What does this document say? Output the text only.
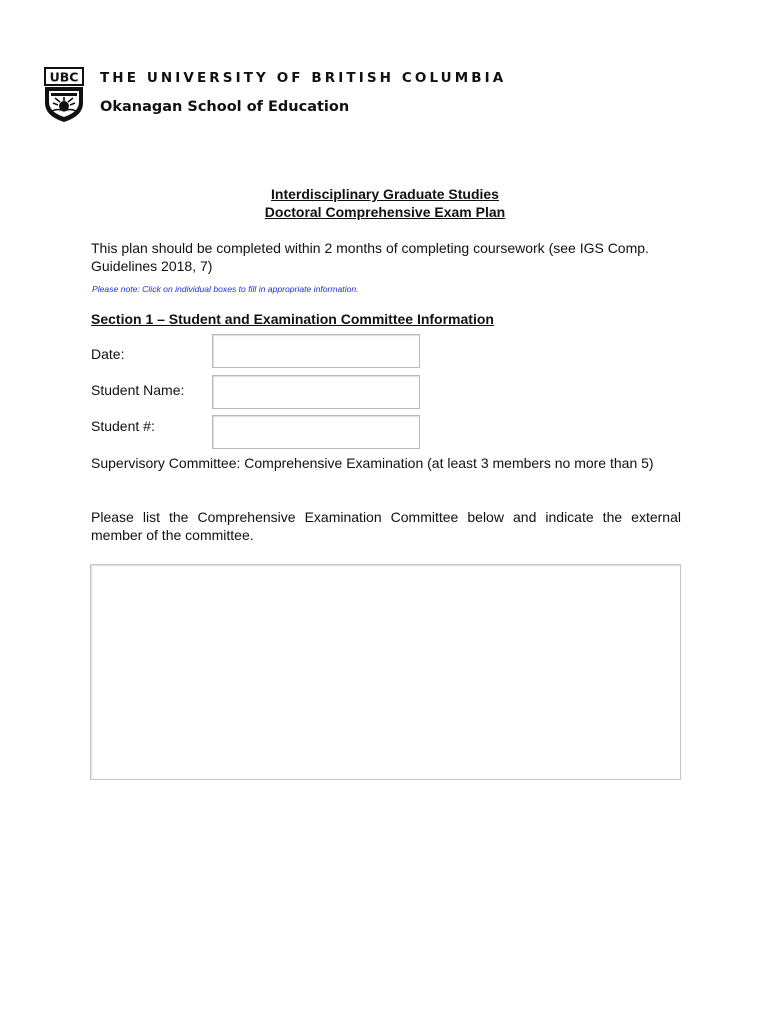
UBC THE UNIVERSITY OF BRITISH COLUMBIA
Okanagan School of Education
Interdisciplinary Graduate Studies
Doctoral Comprehensive Exam Plan
This plan should be completed within 2 months of completing coursework (see IGS Comp. Guidelines 2018, 7)
Please note: Click on individual boxes to fill in appropriate information.
Section 1 – Student and Examination Committee Information
Date:
Student Name:
Student #:
Supervisory Committee: Comprehensive Examination (at least 3 members no more than 5)
Please list the Comprehensive Examination Committee below and indicate the external member of the committee.
